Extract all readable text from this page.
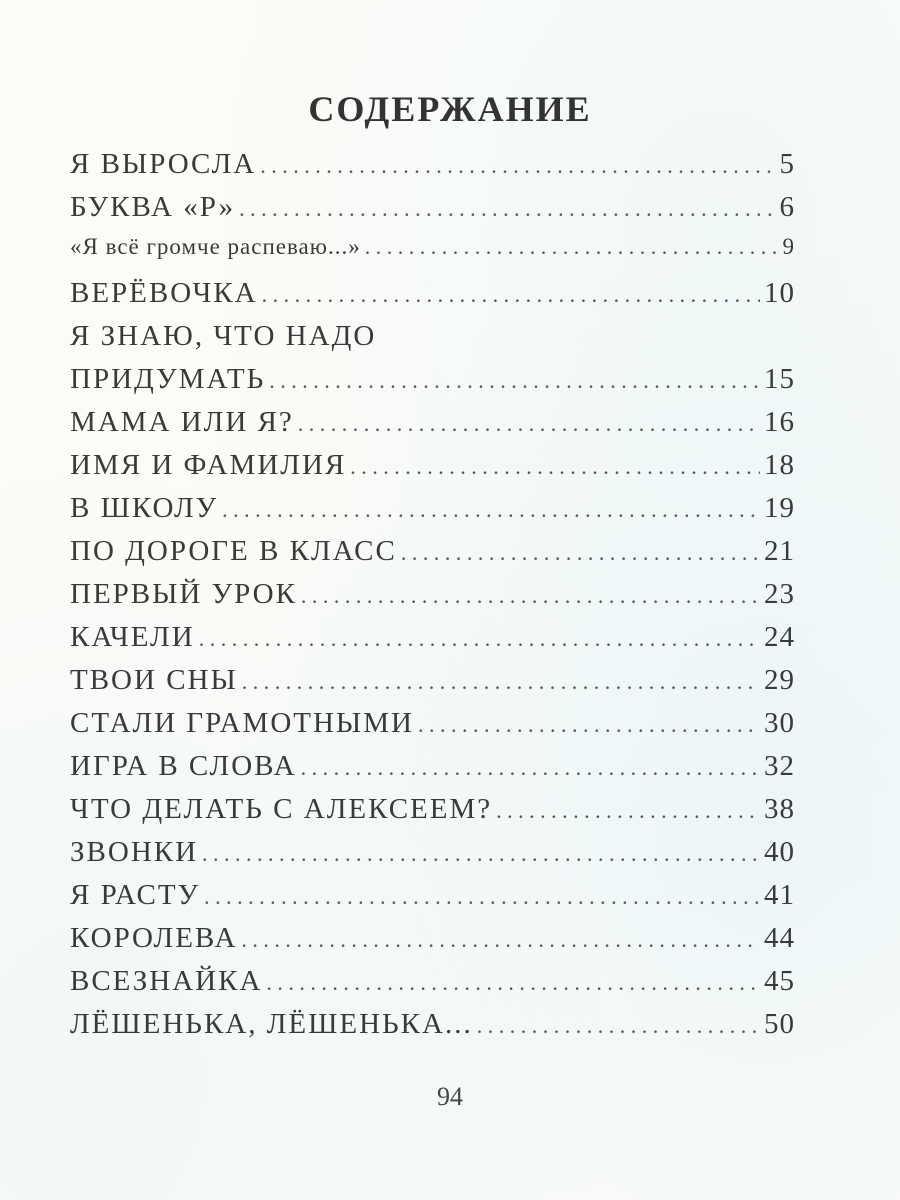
СОДЕРЖАНИЕ
Я ВЫРОСЛА . . .	5
БУКВА «Р» . . .	6
«Я всё громче распеваю...» . . .	9
ВЕРЁВОЧКА . . .	10
Я ЗНАЮ, ЧТО НАДО
ПРИДУМАТЬ . . .	15
МАМА ИЛИ Я? . . .	16
ИМЯ И ФАМИЛИЯ . . .	18
В ШКОЛУ . . .	19
ПО ДОРОГЕ В КЛАСС . . .	21
ПЕРВЫЙ УРОК . . .	23
КАЧЕЛИ . . .	24
ТВОИ СНЫ . . .	29
СТАЛИ ГРАМОТНЫМИ . . .	30
ИГРА В СЛОВА . . .	32
ЧТО ДЕЛАТЬ С АЛЕКСЕЕМ? . . .	38
ЗВОНКИ . . .	40
Я РАСТУ . . .	41
КОРОЛЕВА . . .	44
ВСЕЗНАЙКА . . .	45
ЛЁШЕНЬКА, ЛЁШЕНЬКА... . . .	50
94
